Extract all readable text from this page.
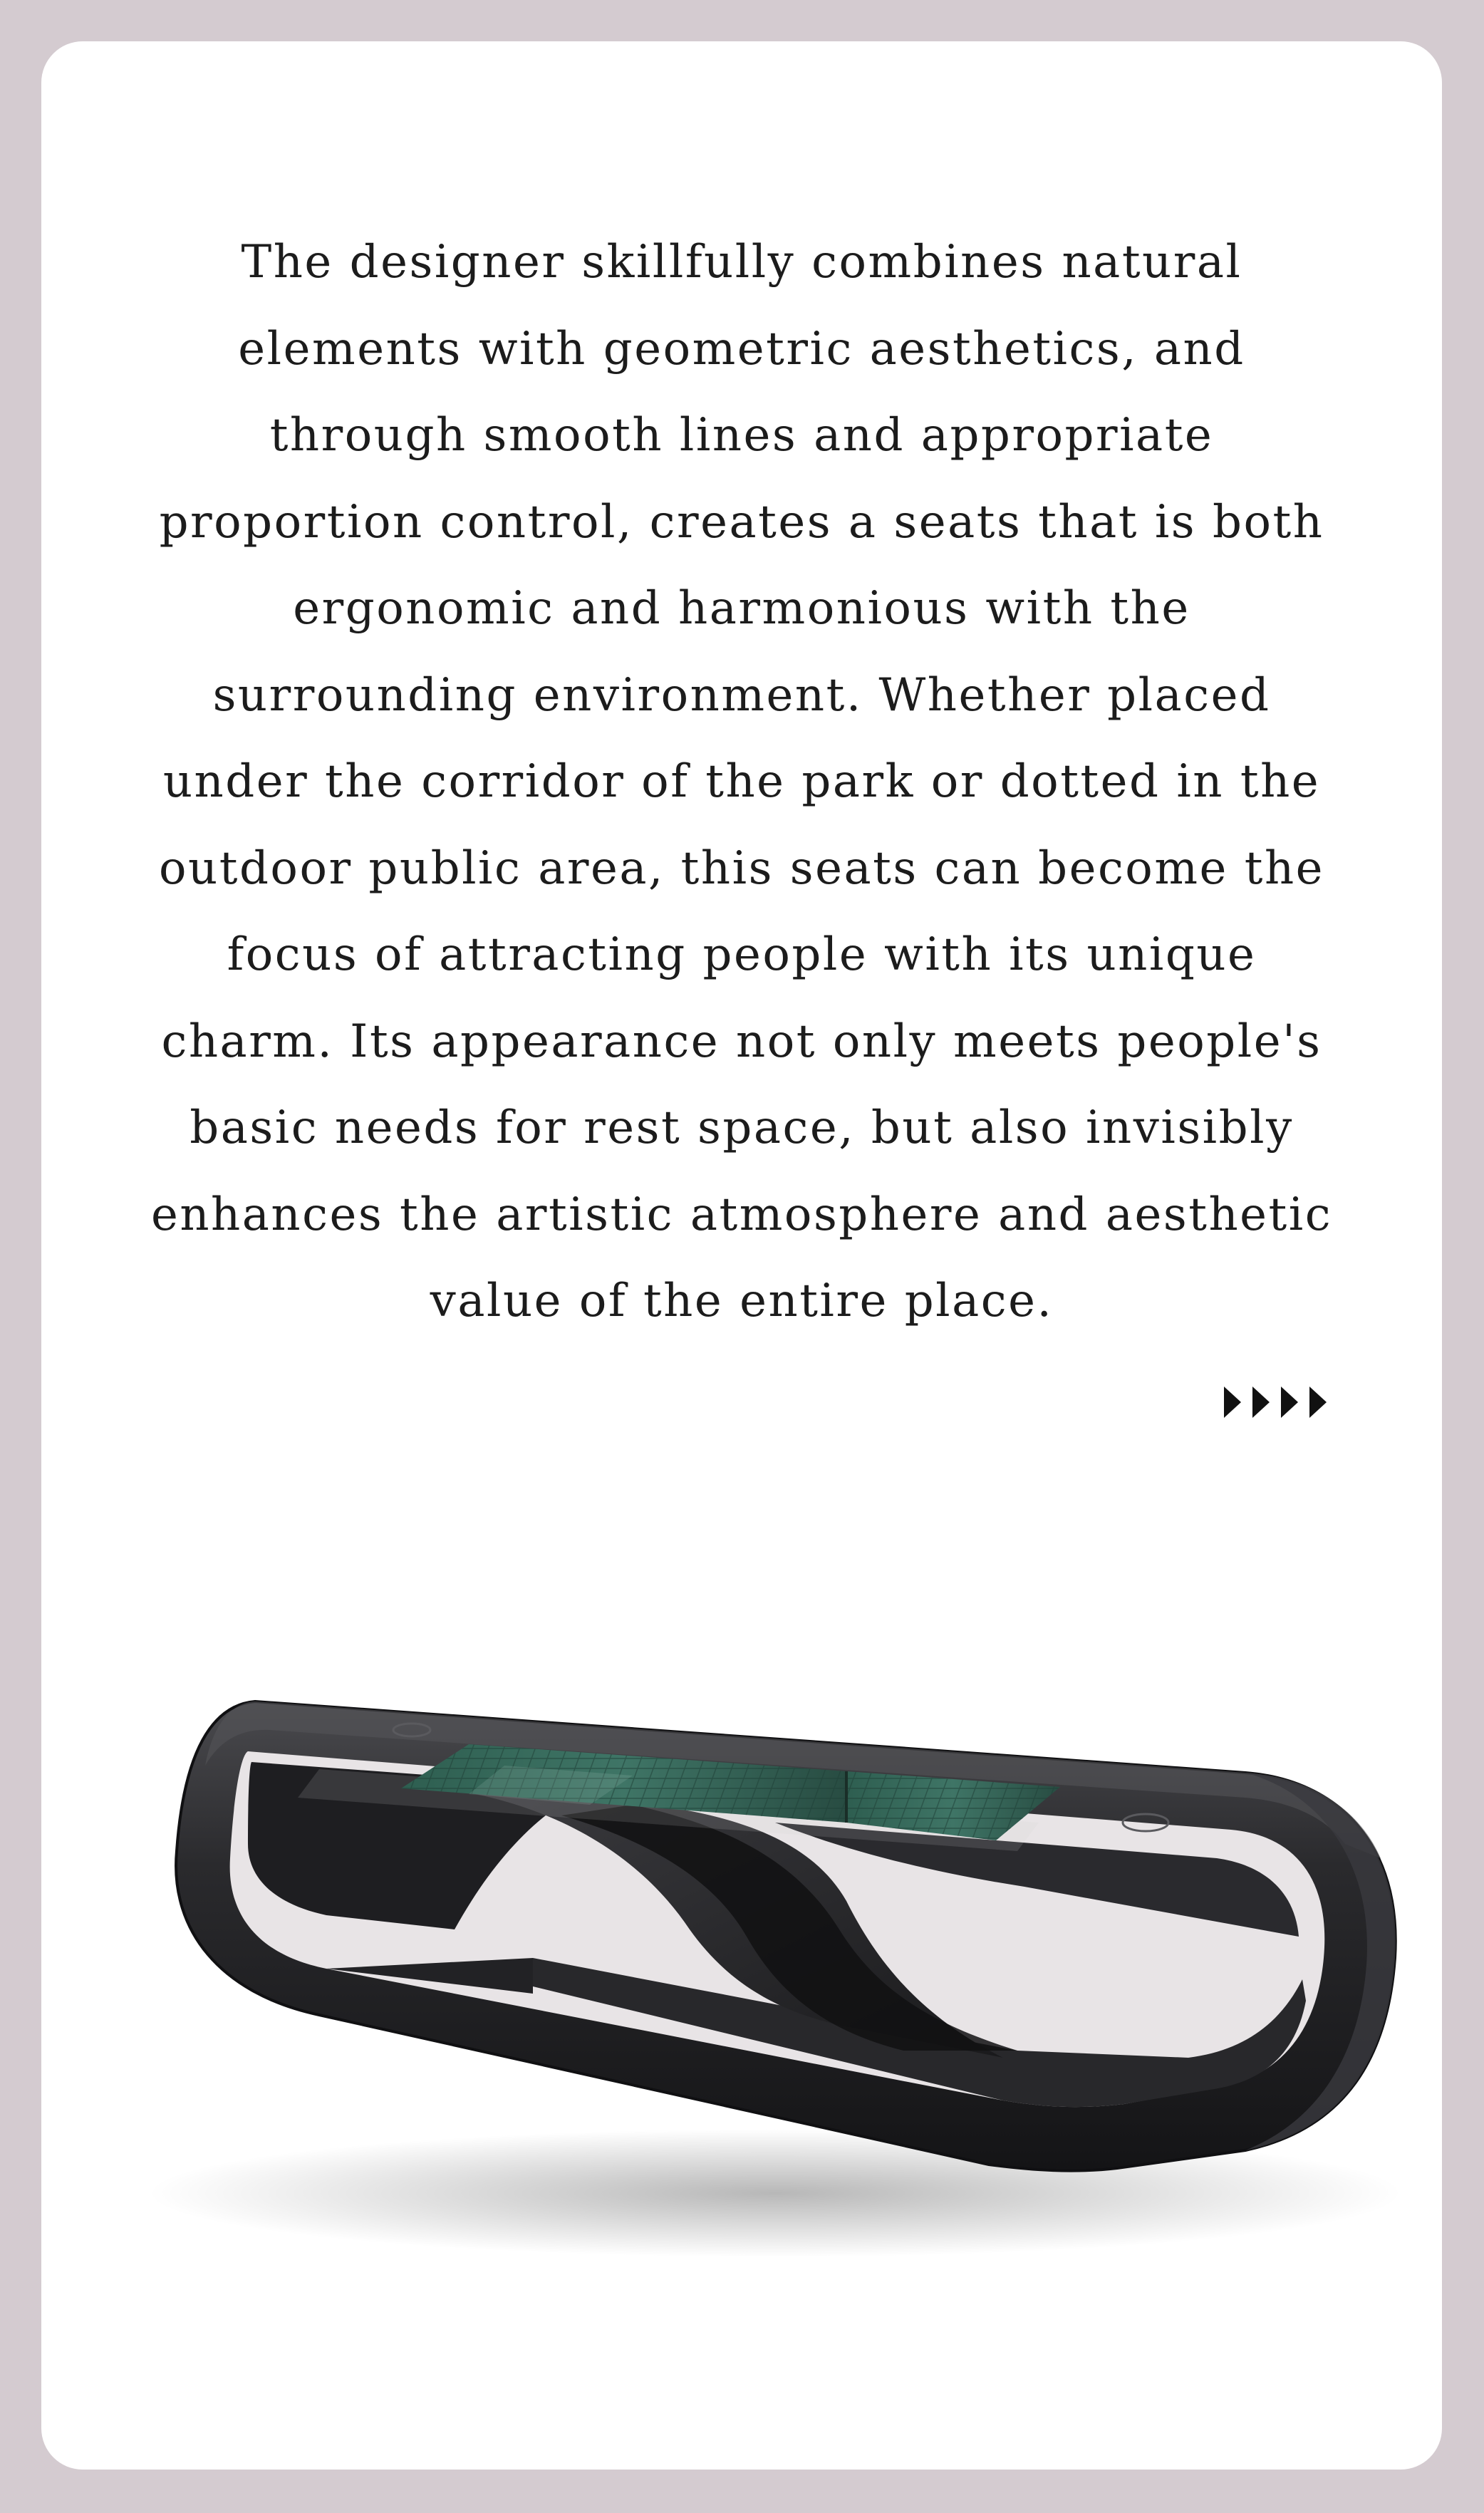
The designer skillfully combines natural
elements with geometric aesthetics, and
through smooth lines and appropriate
proportion control, creates a seats that is both
ergonomic and harmonious with the
surrounding environment. Whether placed
under the corridor of the park or dotted in the
outdoor public area, this seats can become the
focus of attracting people with its unique
charm. Its appearance not only meets people's
basic needs for rest space, but also invisibly
enhances the artistic atmosphere and aesthetic
value of the entire place.
